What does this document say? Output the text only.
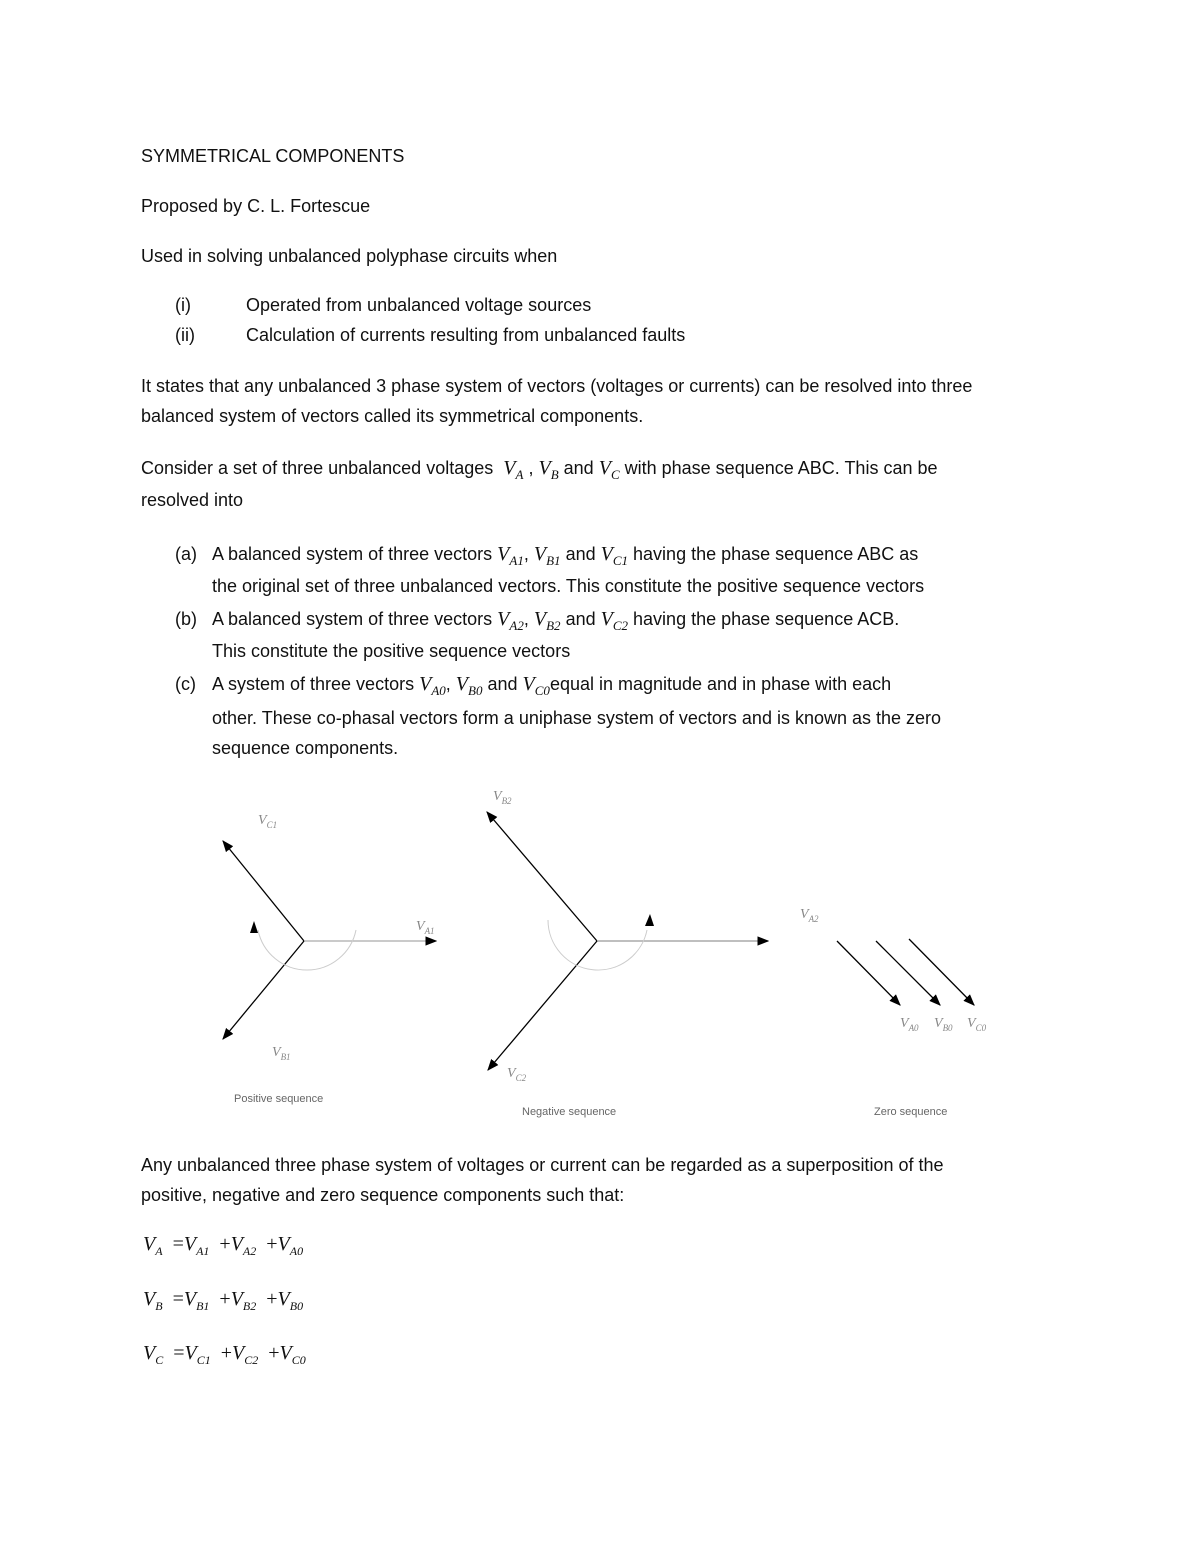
SYMMETRICAL COMPONENTS
Proposed by C. L. Fortescue
Used in solving unbalanced polyphase circuits when
(i)	Operated from unbalanced voltage sources
(ii)	Calculation of currents resulting from unbalanced faults
It states that any unbalanced 3 phase system of vectors (voltages or currents) can be resolved into three
balanced system of vectors called its symmetrical components.
Consider a set of three unbalanced voltages $V_A$ , $V_B$ and $V_C$ with phase sequence ABC. This can be
resolved into
(a) A balanced system of three vectors $V_{A1}$, $V_{B1}$ and $V_{C1}$ having the phase sequence ABC as
the original set of three unbalanced vectors. This constitute the positive sequence vectors
(b) A balanced system of three vectors $V_{A2}$, $V_{B2}$ and $V_{C2}$ having the phase sequence ACB.
This constitute the positive sequence vectors
(c) A system of three vectors $V_{A0}$, $V_{B0}$ and $V_{C0}equal$ in magnitude and in phase with each
other. These co-phasal vectors form a uniphase system of vectors and is known as the zero
sequence components.
$V_{C1}$
$V_{A1}$
$V_{B1}$
$V_{B2}$
$V_{C2}$
$V_{A2}$
$V_{A0}$ $V_{B0}$ $V_{C0}$
Positive sequence
Negative sequence	Zero sequence
Any unbalanced three phase system of voltages or current can be regarded as a superposition of the
positive, negative and zero sequence components such that:
$V_A =V_{A1} +V_{A2} +V_{A0}$
$V_B =V_{B1} +V_{B2} +V_{B0}$
$V_C =V_{C1} +V_{C2} +V_{C0}$
